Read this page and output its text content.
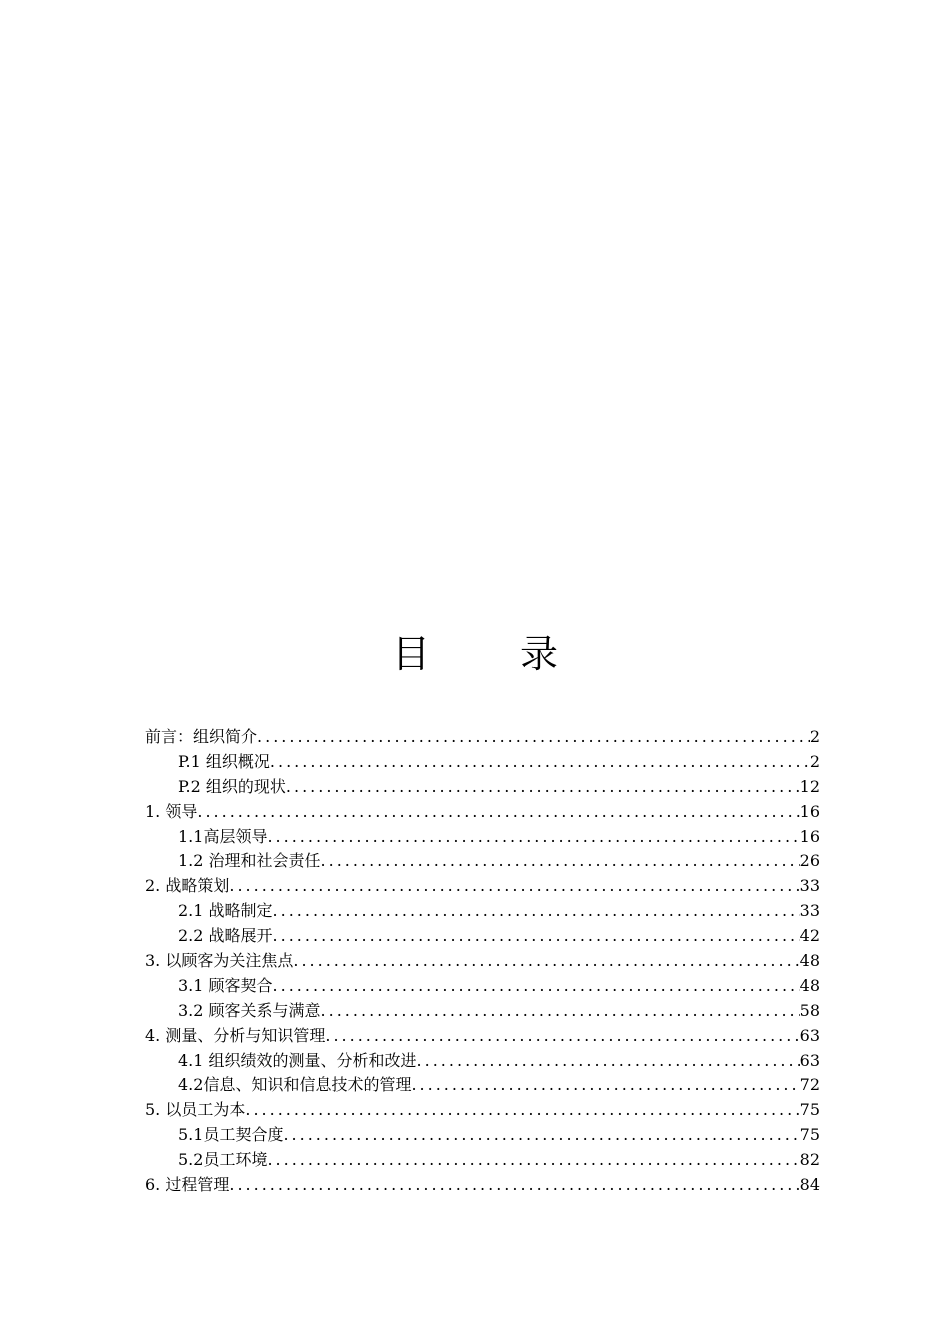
目 录
前言：组织简介 .....	2
P.1 组织概况 .....	2
P.2 组织的现状 .....	12
1. 领导 .....	16
1.1高层领导 .....	16
1.2 治理和社会责任 .....	26
2. 战略策划 .....	33
2.1 战略制定 .....	33
2.2 战略展开 .....	42
3. 以顾客为关注焦点 .....	48
3.1 顾客契合 .....	48
3.2 顾客关系与满意 .....	58
4. 测量、分析与知识管理 .....	63
4.1 组织绩效的测量、分析和改进 .....	63
4.2信息、知识和信息技术的管理 .....	72
5. 以员工为本 .....	75
5.1员工契合度 .....	75
5.2员工环境 .....	82
6. 过程管理 .....	84
